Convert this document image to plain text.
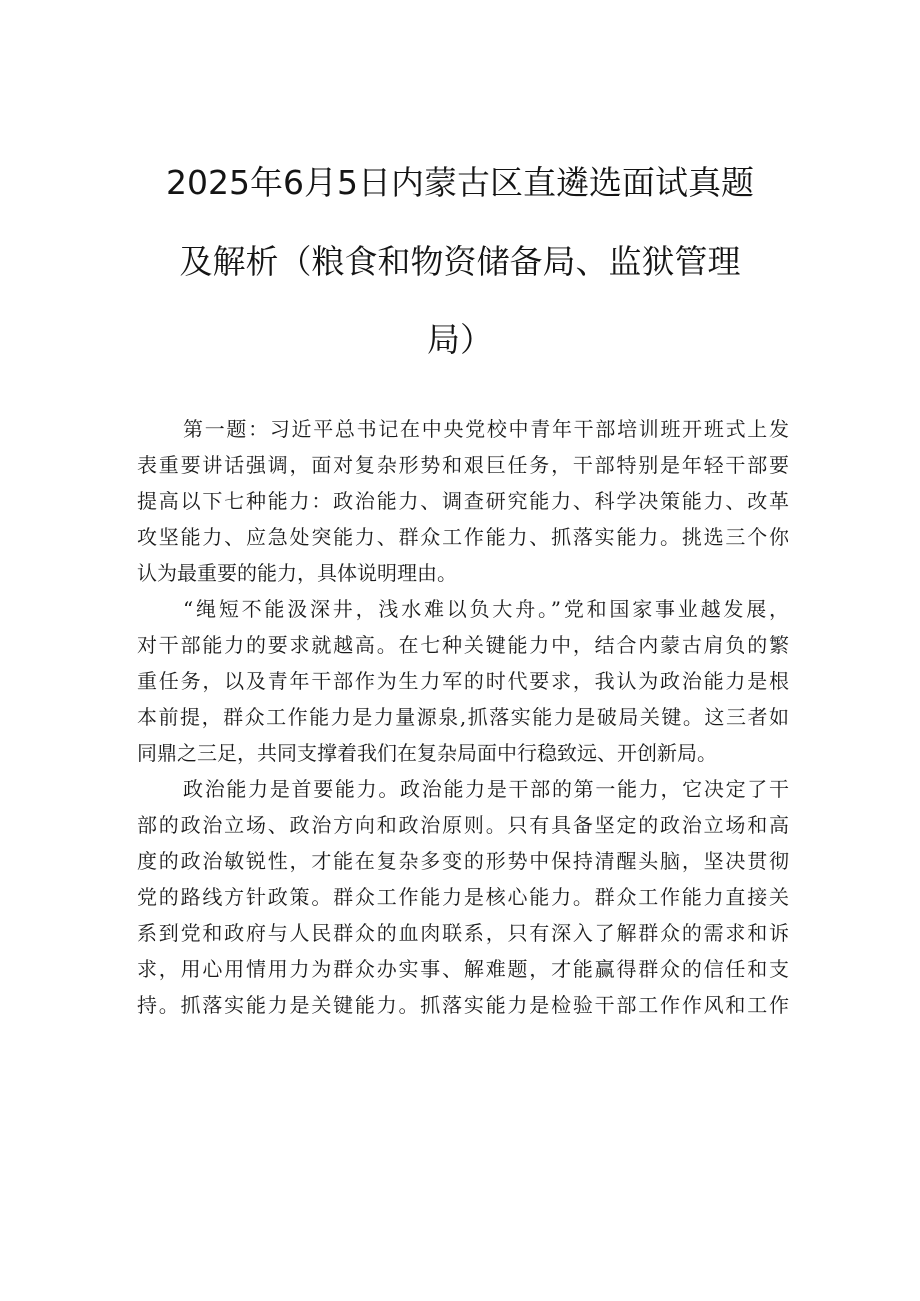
2025年6月5日内蒙古区直遴选面试真题
及解析（粮食和物资储备局、监狱管理
局）
第一题：习近平总书记在中央党校中青年干部培训班开班式上发
表重要讲话强调，面对复杂形势和艰巨任务，干部特别是年轻干部要
提高以下七种能力：政治能力、调查研究能力、科学决策能力、改革
攻坚能力、应急处突能力、群众工作能力、抓落实能力。挑选三个你
认为最重要的能力，具体说明理由。
“绳短不能汲深井，浅水难以负大舟。”党和国家事业越发展，
对干部能力的要求就越高。在七种关键能力中，结合内蒙古肩负的繁
重任务，以及青年干部作为生力军的时代要求，我认为政治能力是根
本前提，群众工作能力是力量源泉,抓落实能力是破局关键。这三者如
同鼎之三足，共同支撑着我们在复杂局面中行稳致远、开创新局。
政治能力是首要能力。政治能力是干部的第一能力，它决定了干
部的政治立场、政治方向和政治原则。只有具备坚定的政治立场和高
度的政治敏锐性，才能在复杂多变的形势中保持清醒头脑，坚决贯彻
党的路线方针政策。群众工作能力是核心能力。群众工作能力直接关
系到党和政府与人民群众的血肉联系，只有深入了解群众的需求和诉
求，用心用情用力为群众办实事、解难题，才能赢得群众的信任和支
持。抓落实能力是关键能力。抓落实能力是检验干部工作作风和工作
